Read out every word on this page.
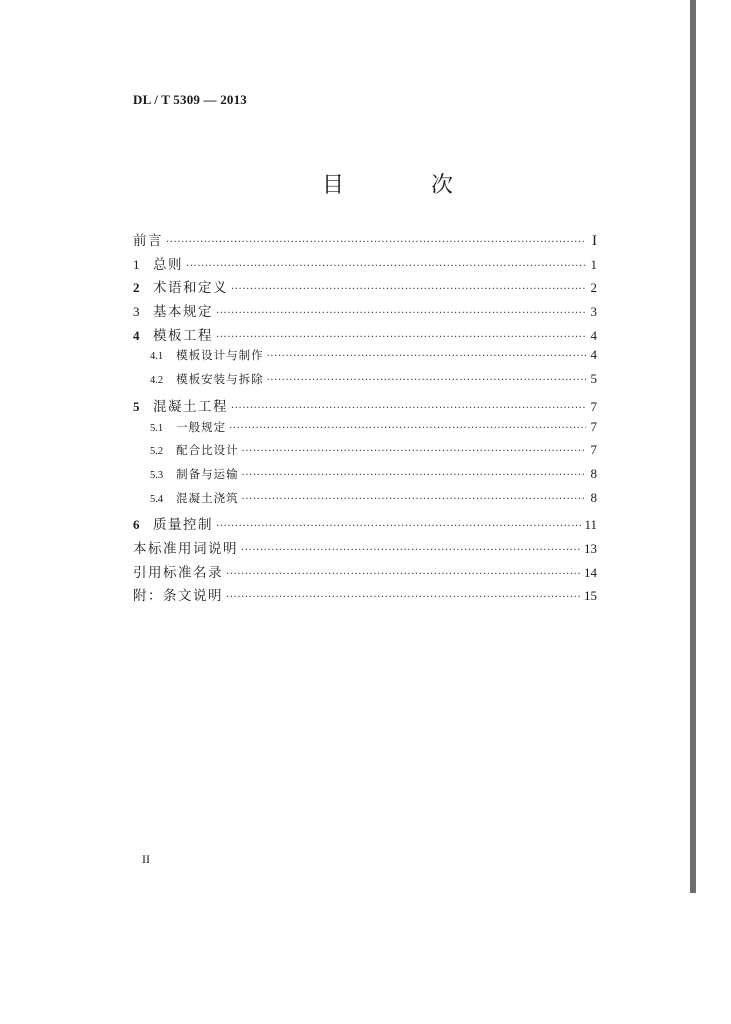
DL / T 5309 — 2013
目 次
前言 ·····	I
1 总则 ·····	1
2 术语和定义 ·····	2
3 基本规定 ·····	3
4 模板工程 ·····	4
4.1 模板设计与制作 ·····	4
4.2 模板安装与拆除 ·····	5
5 混凝土工程 ·····	7
5.1 一般规定 ·····	7
5.2 配合比设计 ·····	7
5.3 制备与运输 ·····	8
5.4 混凝土浇筑 ·····	8
6 质量控制 ·····	11
本标准用词说明 ·····	13
引用标准名录 ·····	14
附：条文说明 ·····	15
II
